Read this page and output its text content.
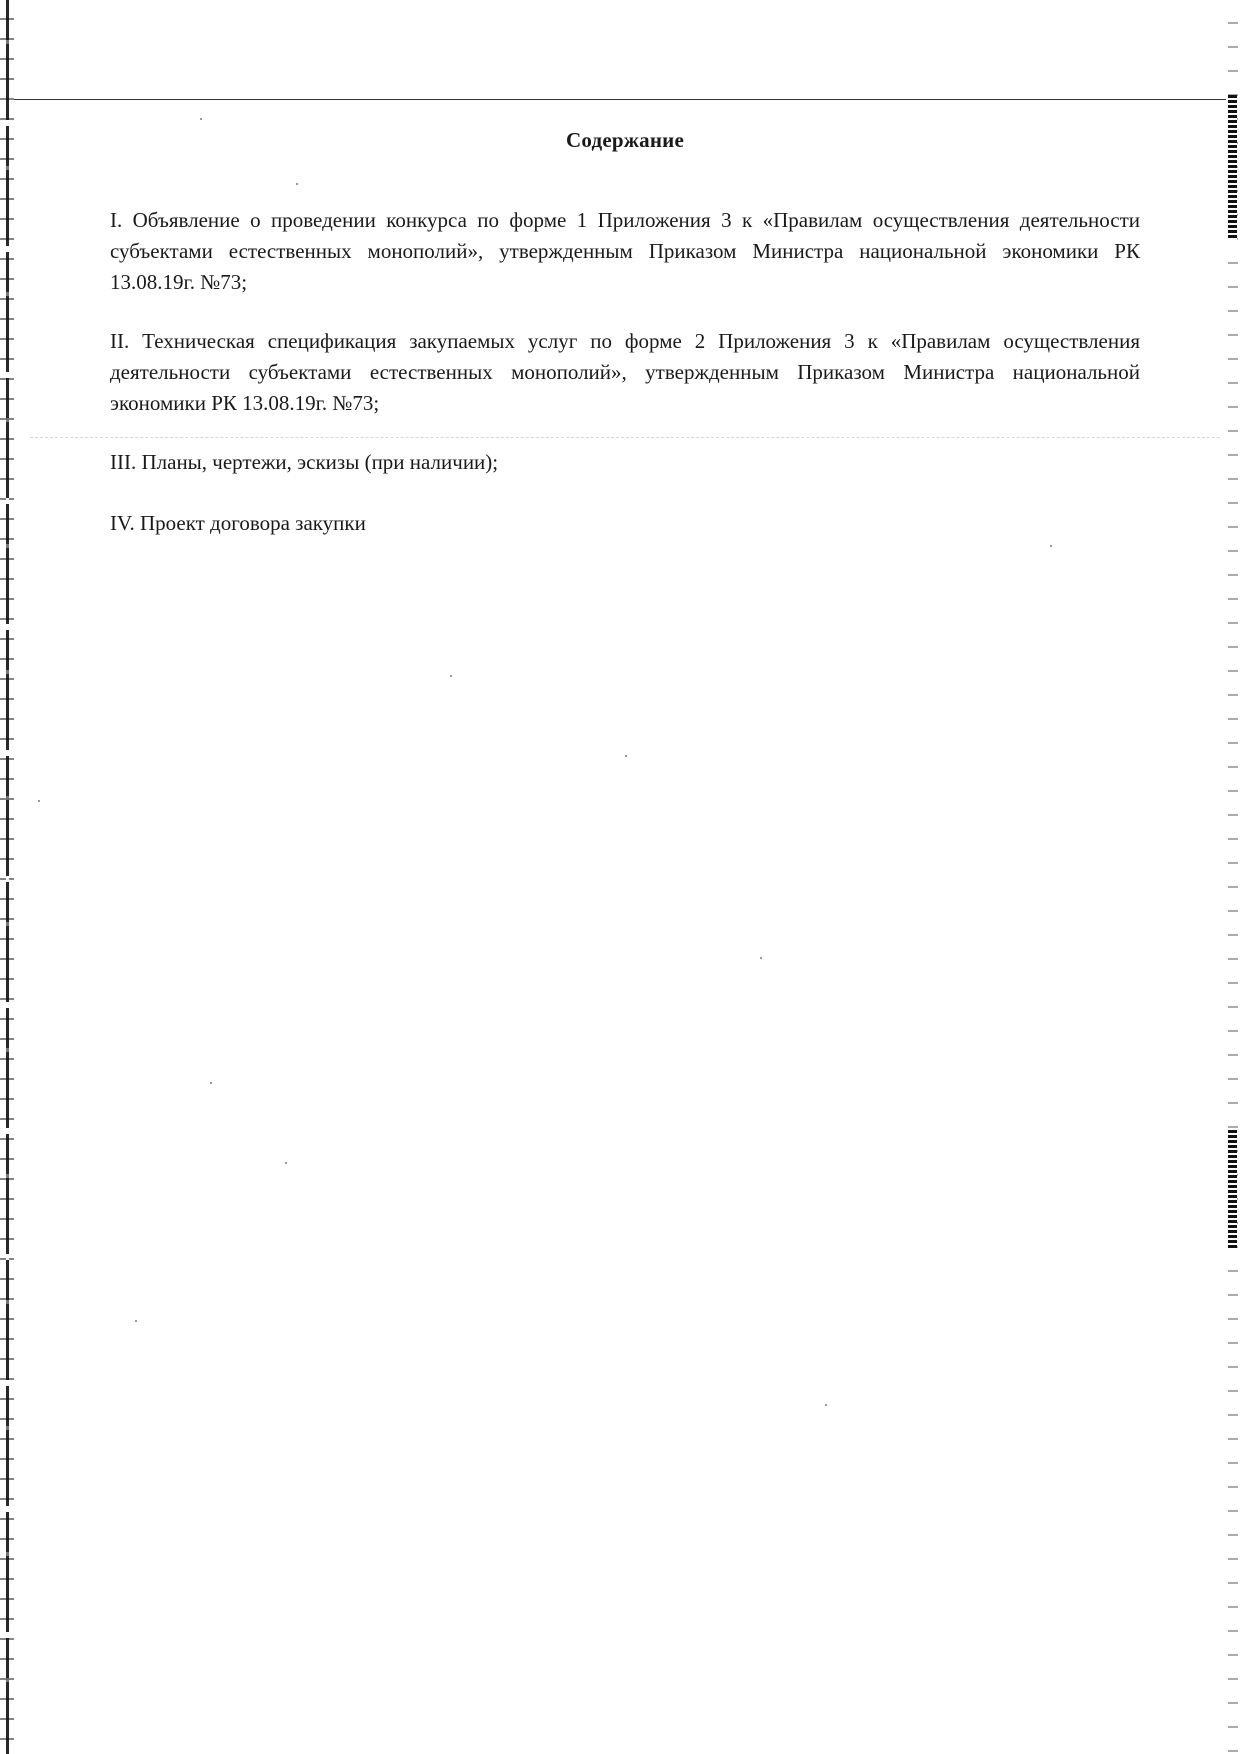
Содержание

I. Объявление о проведении конкурса по форме 1 Приложения 3 к «Правилам осуществления деятельности субъектами естественных монополий», утвержденным Приказом Министра национальной экономики РК 13.08.19г. №73;

II. Техническая спецификация закупаемых услуг по форме 2 Приложения 3 к «Правилам осуществления деятельности субъектами естественных монополий», утвержденным Приказом Министра национальной экономики РК 13.08.19г. №73;

III. Планы, чертежи, эскизы (при наличии);

IV. Проект договора закупки
